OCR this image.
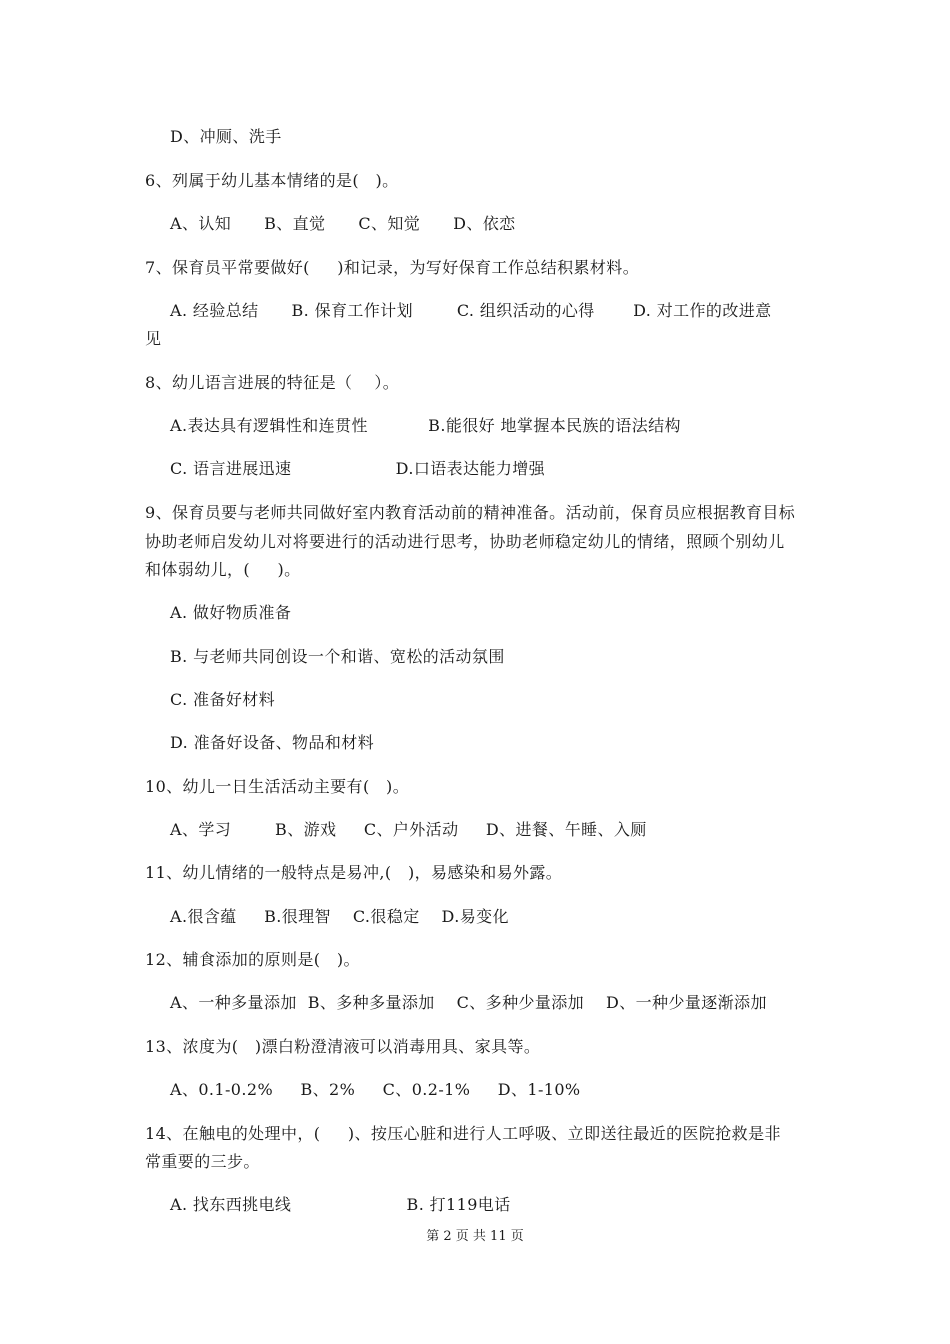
D、冲厕、洗手
6、列属于幼儿基本情绪的是(   )。
A、认知      B、直觉      C、知觉      D、依恋
7、保育员平常要做好(     )和记录，为写好保育工作总结积累材料。
A. 经验总结      B. 保育工作计划        C. 组织活动的心得       D. 对工作的改进意
见
8、幼儿语言进展的特征是（    ）。
A.表达具有逻辑性和连贯性           B.能很好 地掌握本民族的语法结构
C. 语言进展迅速                   D.口语表达能力增强
9、保育员要与老师共同做好室内教育活动前的精神准备。活动前，保育员应根据教育目标
协助老师启发幼儿对将要进行的活动进行思考，协助老师稳定幼儿的情绪，照顾个别幼儿
和体弱幼儿，(     )。
A. 做好物质准备
B. 与老师共同创设一个和谐、宽松的活动氛围
C. 准备好材料
D. 准备好设备、物品和材料
10、幼儿一日生活活动主要有(   )。
A、学习        B、游戏     C、户外活动     D、进餐、午睡、入厕
11、幼儿情绪的一般特点是易冲,(   )，易感染和易外露。
A.很含蕴     B.很理智    C.很稳定    D.易变化
12、辅食添加的原则是(   )。
A、一种多量添加  B、多种多量添加    C、多种少量添加    D、一种少量逐渐添加
13、浓度为(   )漂白粉澄清液可以消毒用具、家具等。
A、0.1-0.2%     B、2%     C、0.2-1%     D、1-10%
14、在触电的处理中，(     )、按压心脏和进行人工呼吸、立即送往最近的医院抢救是非
常重要的三步。
A. 找东西挑电线                     B. 打119电话
第 2 页 共 11 页
